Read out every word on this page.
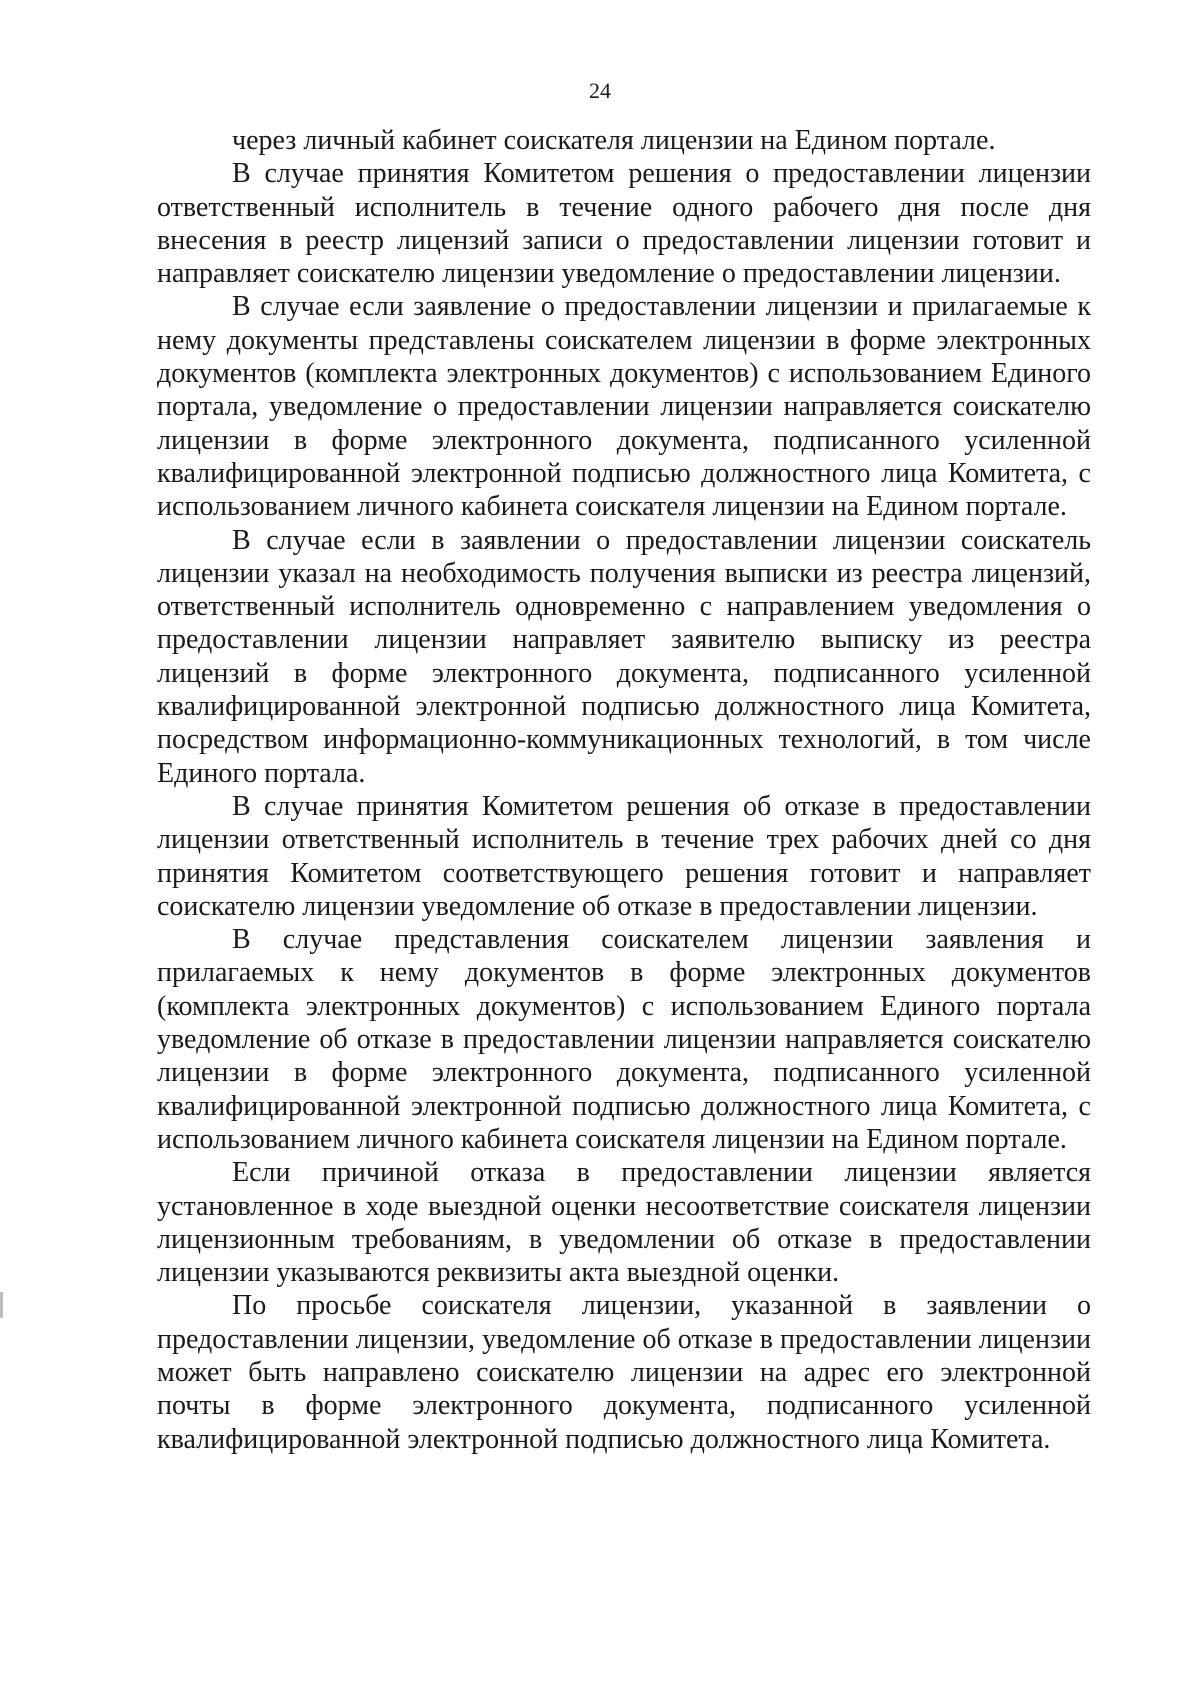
24

через личный кабинет соискателя лицензии на Едином портале.

В случае принятия Комитетом решения о предоставлении лицензии ответственный исполнитель в течение одного рабочего дня после дня внесения в реестр лицензий записи о предоставлении лицензии готовит и направляет соискателю лицензии уведомление о предоставлении лицензии.

В случае если заявление о предоставлении лицензии и прилагаемые к нему документы представлены соискателем лицензии в форме электронных документов (комплекта электронных документов) с использованием Единого портала, уведомление о предоставлении лицензии направляется соискателю лицензии в форме электронного документа, подписанного усиленной квалифицированной электронной подписью должностного лица Комитета, с использованием личного кабинета соискателя лицензии на Едином портале.

В случае если в заявлении о предоставлении лицензии соискатель лицензии указал на необходимость получения выписки из реестра лицензий, ответственный исполнитель одновременно с направлением уведомления о предоставлении лицензии направляет заявителю выписку из реестра лицензий в форме электронного документа, подписанного усиленной квалифицированной электронной подписью должностного лица Комитета, посредством информационно-коммуникационных технологий, в том числе Единого портала.

В случае принятия Комитетом решения об отказе в предоставлении лицензии ответственный исполнитель в течение трех рабочих дней со дня принятия Комитетом соответствующего решения готовит и направляет соискателю лицензии уведомление об отказе в предоставлении лицензии.

В случае представления соискателем лицензии заявления и прилагаемых к нему документов в форме электронных документов (комплекта электронных документов) с использованием Единого портала уведомление об отказе в предоставлении лицензии направляется соискателю лицензии в форме электронного документа, подписанного усиленной квалифицированной электронной подписью должностного лица Комитета, с использованием личного кабинета соискателя лицензии на Едином портале.

Если причиной отказа в предоставлении лицензии является установленное в ходе выездной оценки несоответствие соискателя лицензии лицензионным требованиям, в уведомлении об отказе в предоставлении лицензии указываются реквизиты акта выездной оценки.

По просьбе соискателя лицензии, указанной в заявлении о предоставлении лицензии, уведомление об отказе в предоставлении лицензии может быть направлено соискателю лицензии на адрес его электронной почты в форме электронного документа, подписанного усиленной квалифицированной электронной подписью должностного лица Комитета.
